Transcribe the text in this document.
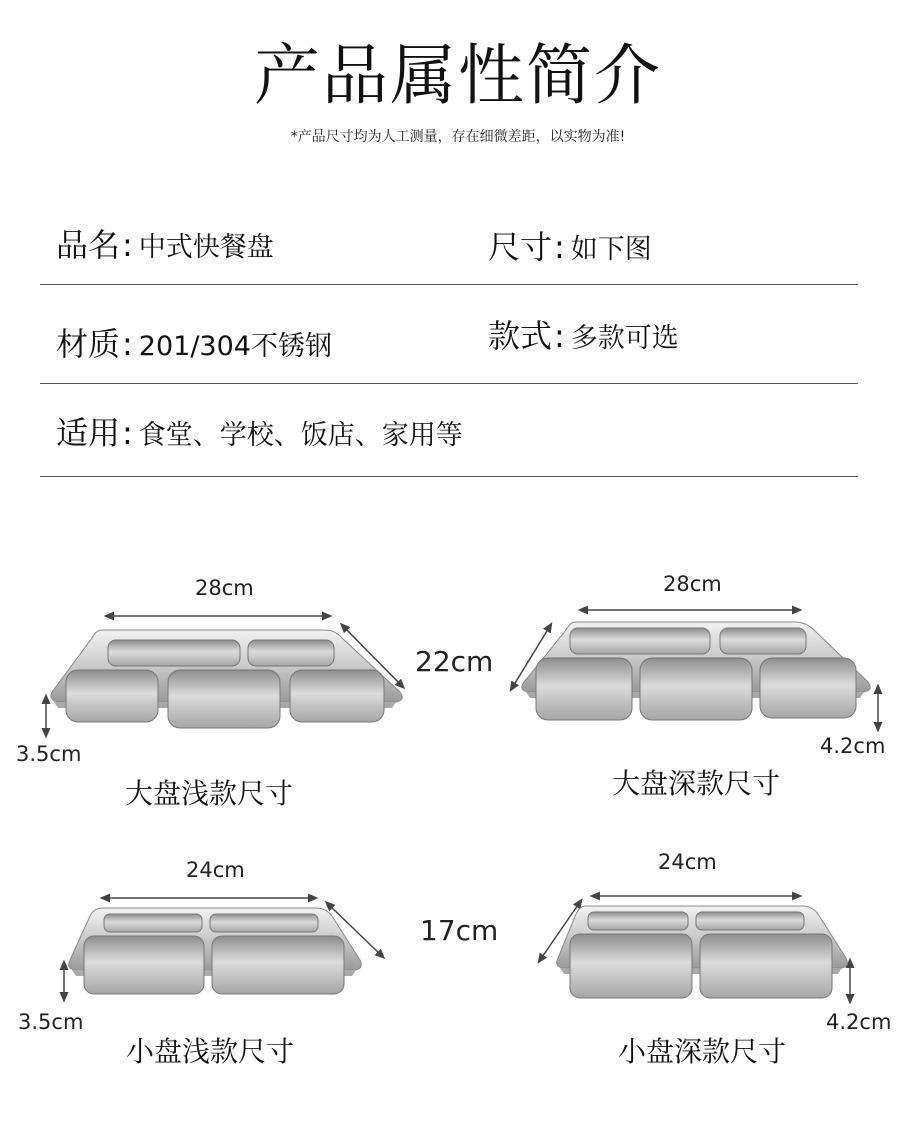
产品属性简介
*产品尺寸均为人工测量，存在细微差距，以实物为准!
品名: 中式快餐盘	尺寸: 如下图
材质: 201/304不锈钢	款式: 多款可选
适用: 食堂、学校、饭店、家用等
28cm
3.5cm
大盘浅款尺寸
22cm
28cm
4.2cm
大盘深款尺寸
24cm
3.5cm
小盘浅款尺寸
17cm
24cm
4.2cm
小盘深款尺寸
